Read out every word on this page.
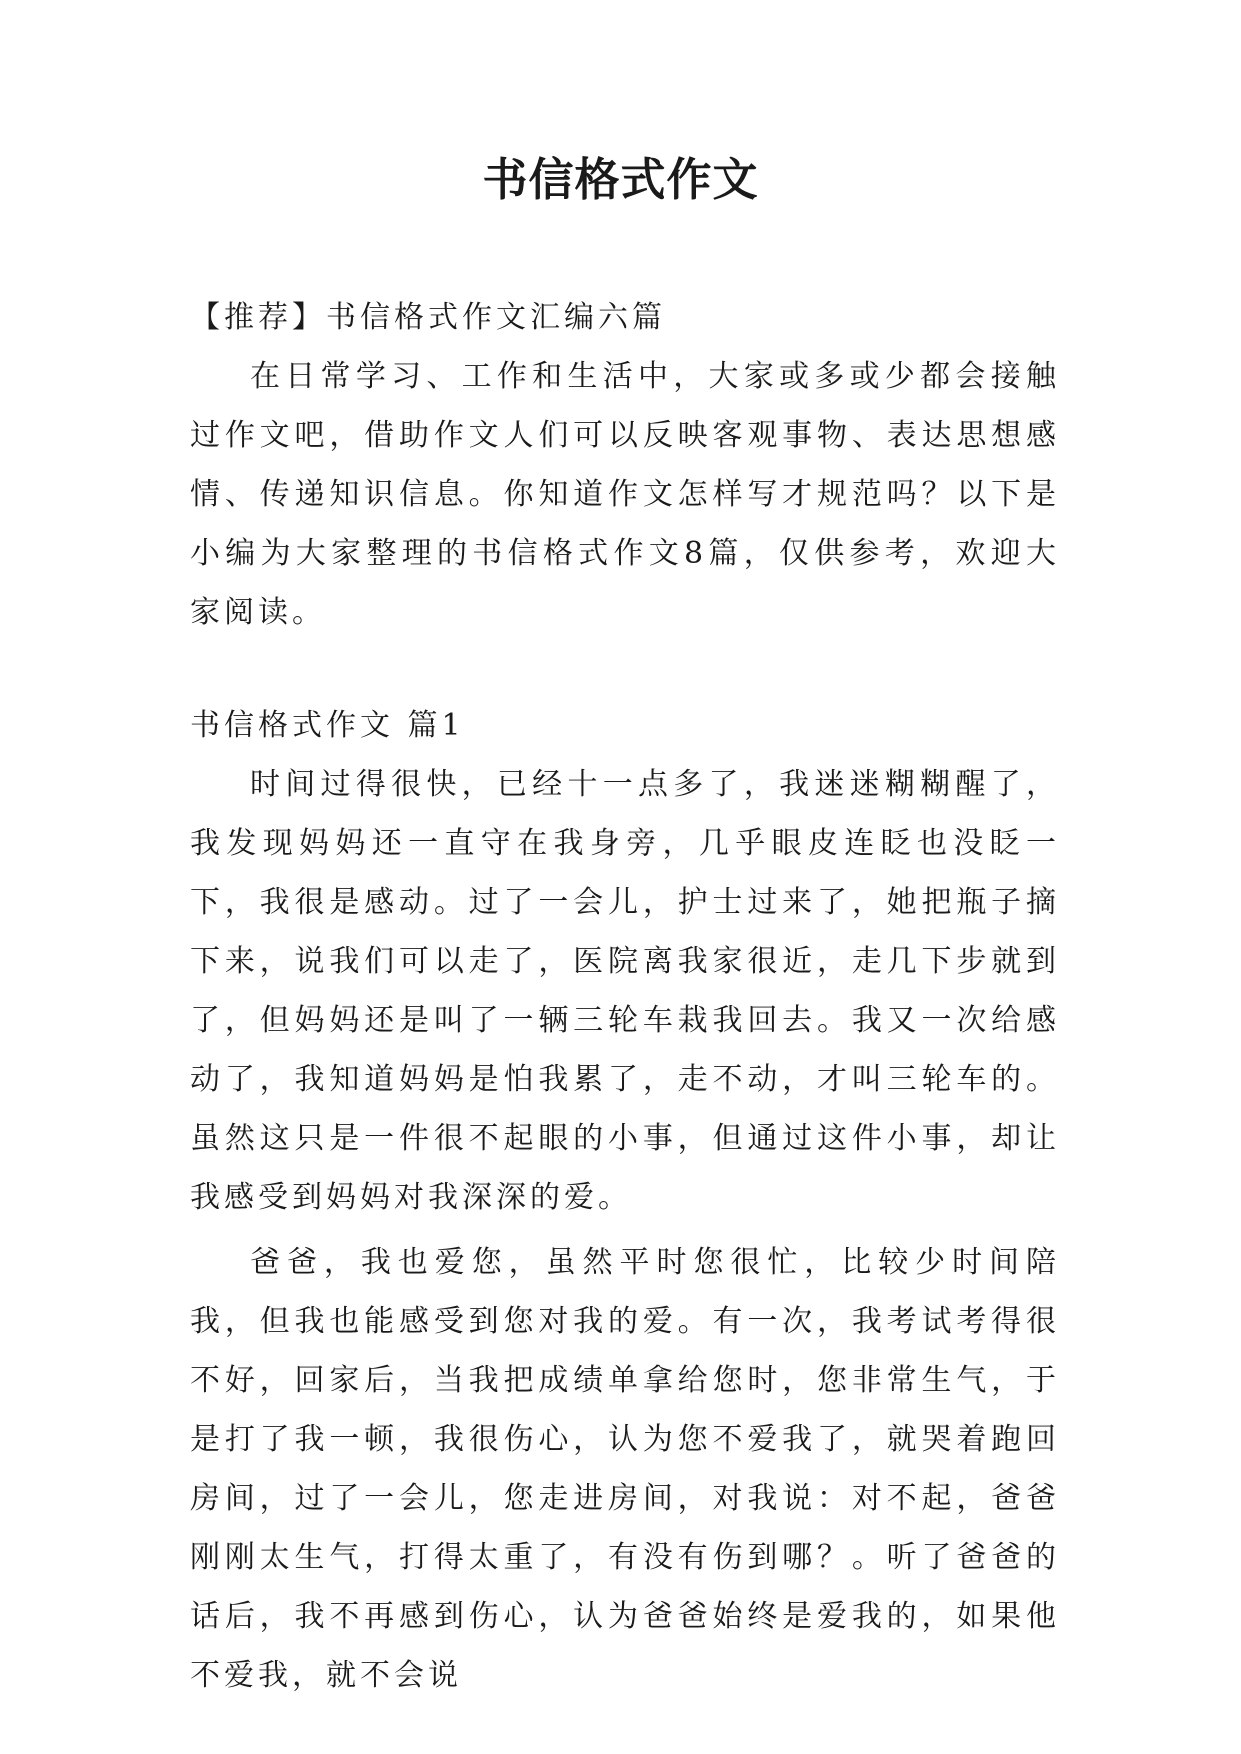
书信格式作文

【推荐】书信格式作文汇编六篇

在日常学习、工作和生活中，大家或多或少都会接触过作文吧，借助作文人们可以反映客观事物、表达思想感情、传递知识信息。你知道作文怎样写才规范吗？以下是小编为大家整理的书信格式作文8篇，仅供参考，欢迎大家阅读。

书信格式作文 篇1

时间过得很快，已经十一点多了，我迷迷糊糊醒了，我发现妈妈还一直守在我身旁，几乎眼皮连眨也没眨一下，我很是感动。过了一会儿，护士过来了，她把瓶子摘下来，说我们可以走了，医院离我家很近，走几下步就到了，但妈妈还是叫了一辆三轮车栽我回去。我又一次给感动了，我知道妈妈是怕我累了，走不动，才叫三轮车的。虽然这只是一件很不起眼的小事，但通过这件小事，却让我感受到妈妈对我深深的爱。

爸爸，我也爱您，虽然平时您很忙，比较少时间陪我，但我也能感受到您对我的爱。有一次，我考试考得很不好，回家后，当我把成绩单拿给您时，您非常生气，于是打了我一顿，我很伤心，认为您不爱我了，就哭着跑回房间，过了一会儿，您走进房间，对我说：对不起，爸爸刚刚太生气，打得太重了，有没有伤到哪？。听了爸爸的话后，我不再感到伤心，认为爸爸始终是爱我的，如果他不爱我，就不会说
